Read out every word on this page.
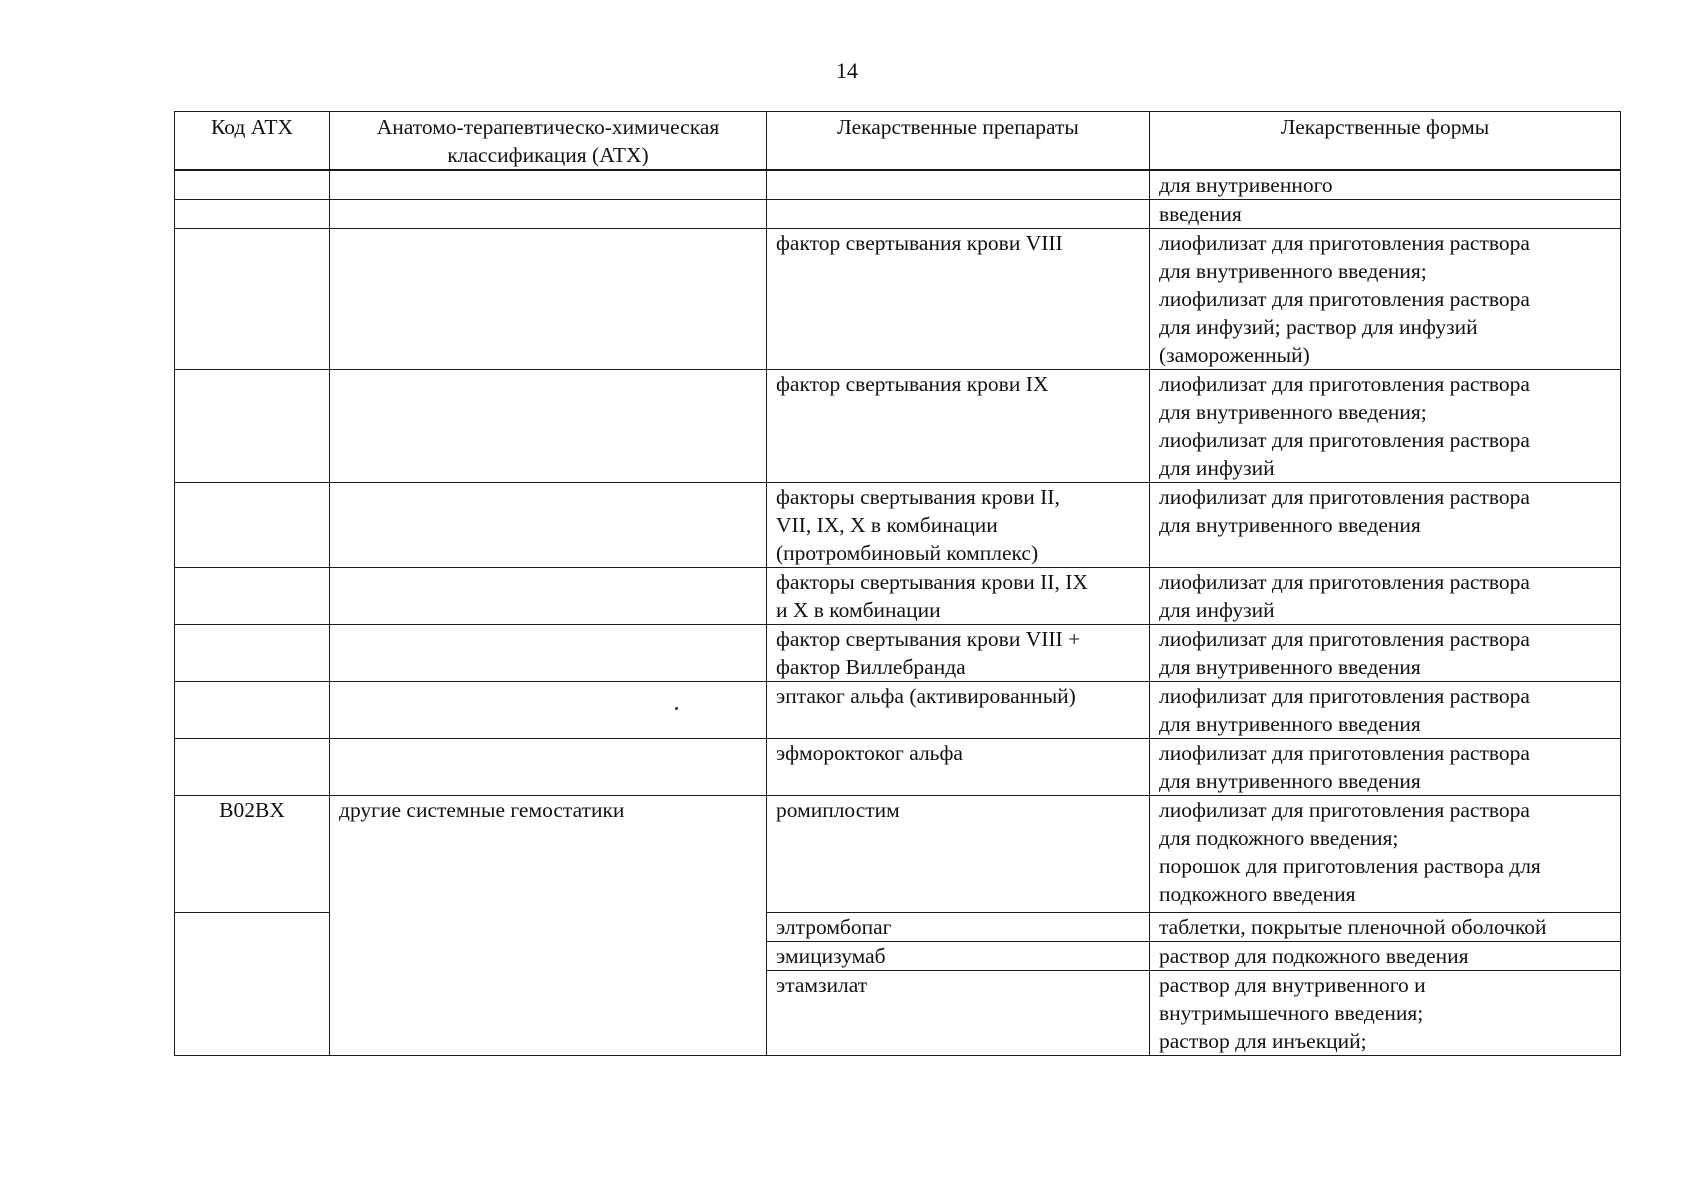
14
Код АТХ	Анатомо-терапевтическо-химическая классификация (АТХ)	Лекарственные препараты	Лекарственные формы

			для внутривенного
			введения
		фактор свертывания крови VIII	лиофилизат для приготовления раствора
для внутривенного введения;
лиофилизат для приготовления раствора
для инфузий; раствор для инфузий
(замороженный)
		фактор свертывания крови IX	лиофилизат для приготовления раствора
для внутривенного введения;
лиофилизат для приготовления раствора
для инфузий
		факторы свертывания крови II,
VII, IX, X в комбинации
(протромбиновый комплекс)	лиофилизат для приготовления раствора
для внутривенного введения
		факторы свертывания крови II, IX
и X в комбинации	лиофилизат для приготовления раствора
для инфузий
		фактор свертывания крови VIII +
фактор Виллебранда	лиофилизат для приготовления раствора
для внутривенного введения
		эптаког альфа (активированный)	лиофилизат для приготовления раствора
для внутривенного введения
		эфмороктоког альфа	лиофилизат для приготовления раствора
для внутривенного введения
B02BX	другие системные гемостатики	ромиплостим	лиофилизат для приготовления раствора
для подкожного введения;
порошок для приготовления раствора для
подкожного введения
		элтромбопаг	таблетки, покрытые пленочной оболочкой
		эмицизумаб	раствор для подкожного введения
		этамзилат	раствор для внутривенного и
внутримышечного введения;
раствор для инъекций;
